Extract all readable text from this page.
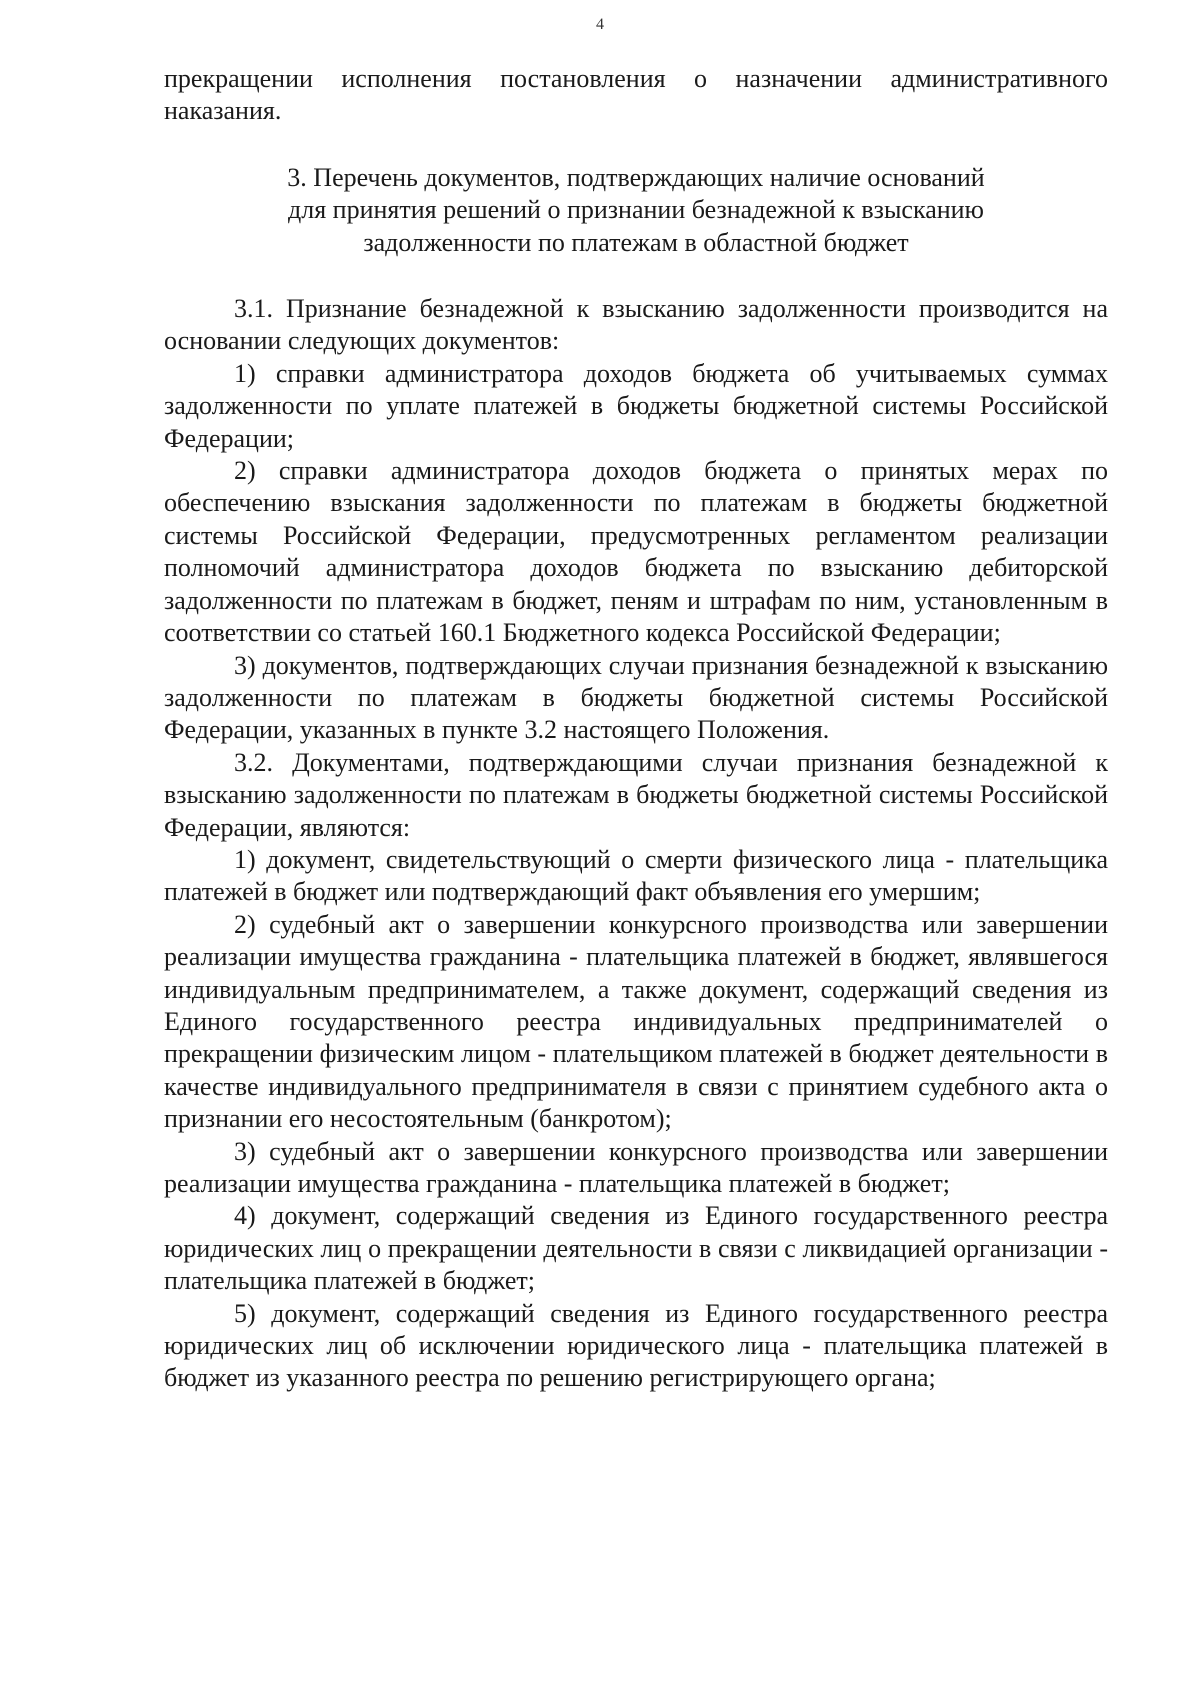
4

прекращении исполнения постановления о назначении административного наказания.

3. Перечень документов, подтверждающих наличие оснований
для принятия решений о признании безнадежной к взысканию
задолженности по платежам в областной бюджет

3.1. Признание безнадежной к взысканию задолженности производится на основании следующих документов:

1) справки администратора доходов бюджета об учитываемых суммах задолженности по уплате платежей в бюджеты бюджетной системы Российской Федерации;

2) справки администратора доходов бюджета о принятых мерах по обеспечению взыскания задолженности по платежам в бюджеты бюджетной системы Российской Федерации, предусмотренных регламентом реализации полномочий администратора доходов бюджета по взысканию дебиторской задолженности по платежам в бюджет, пеням и штрафам по ним, установленным в соответствии со статьей 160.1 Бюджетного кодекса Российской Федерации;

3) документов, подтверждающих случаи признания безнадежной к взысканию задолженности по платежам в бюджеты бюджетной системы Российской Федерации, указанных в пункте 3.2 настоящего Положения.

3.2. Документами, подтверждающими случаи признания безнадежной к взысканию задолженности по платежам в бюджеты бюджетной системы Российской Федерации, являются:

1) документ, свидетельствующий о смерти физического лица - плательщика платежей в бюджет или подтверждающий факт объявления его умершим;

2) судебный акт о завершении конкурсного производства или завершении реализации имущества гражданина - плательщика платежей в бюджет, являвшегося индивидуальным предпринимателем, а также документ, содержащий сведения из Единого государственного реестра индивидуальных предпринимателей о прекращении физическим лицом - плательщиком платежей в бюджет деятельности в качестве индивидуального предпринимателя в связи с принятием судебного акта о признании его несостоятельным (банкротом);

3) судебный акт о завершении конкурсного производства или завершении реализации имущества гражданина - плательщика платежей в бюджет;

4) документ, содержащий сведения из Единого государственного реестра юридических лиц о прекращении деятельности в связи с ликвидацией организации - плательщика платежей в бюджет;

5) документ, содержащий сведения из Единого государственного реестра юридических лиц об исключении юридического лица - плательщика платежей в бюджет из указанного реестра по решению регистрирующего органа;
